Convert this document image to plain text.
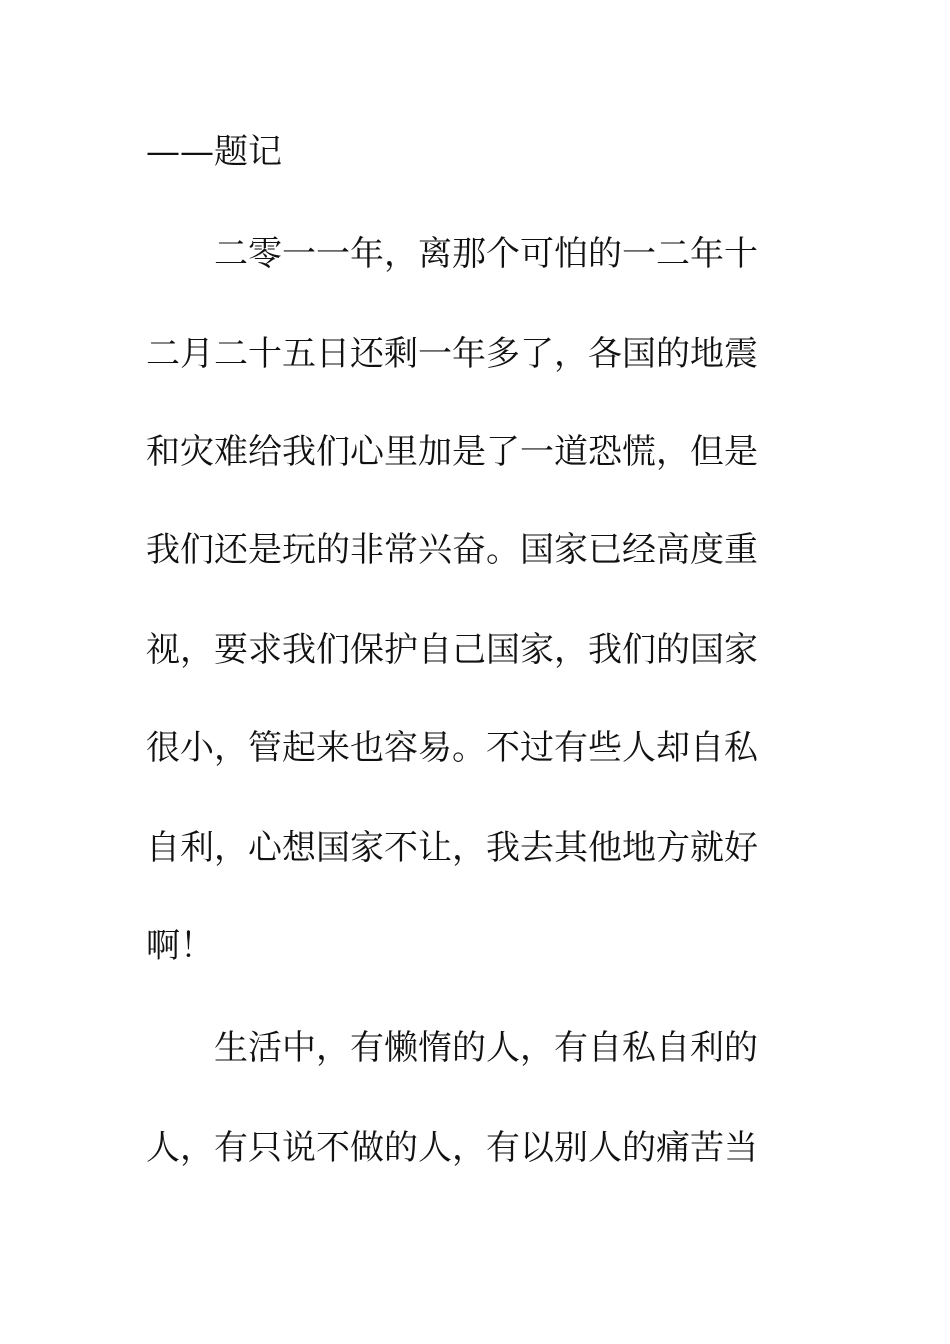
——题记
二零一一年，离那个可怕的一二年十
二月二十五日还剩一年多了，各国的地震
和灾难给我们心里加是了一道恐慌，但是
我们还是玩的非常兴奋。国家已经高度重
视，要求我们保护自己国家，我们的国家
很小，管起来也容易。不过有些人却自私
自利，心想国家不让，我去其他地方就好
啊！
生活中，有懒惰的人，有自私自利的
人，有只说不做的人，有以别人的痛苦当
